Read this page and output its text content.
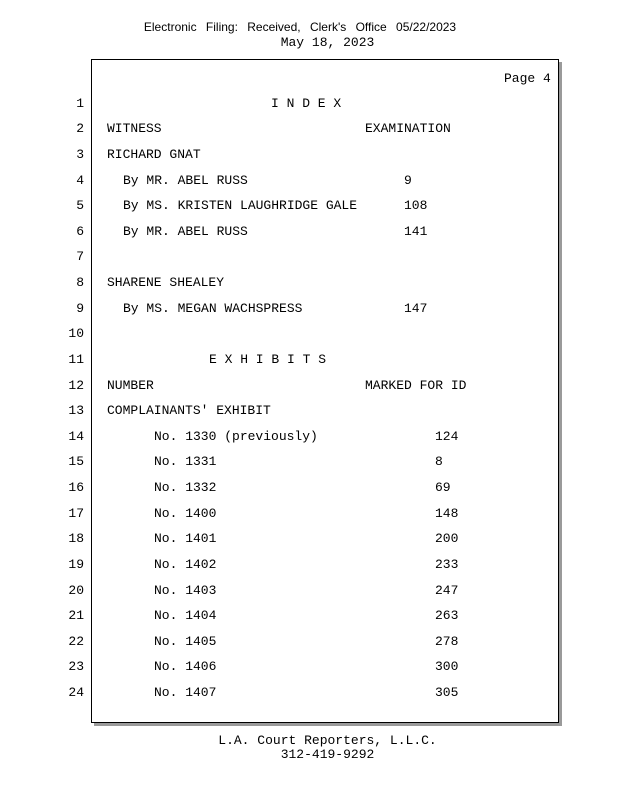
Electronic Filing: Received, Clerk's Office 05/22/2023
May 18, 2023
Page 4
1	I N D E X
2 WITNESS	EXAMINATION
3 RICHARD GNAT
4	By MR. ABEL RUSS	9
5	By MS. KRISTEN LAUGHRIDGE GALE	108
6	By MR. ABEL RUSS	141
7
8 SHARENE SHEALEY
9	By MS. MEGAN WACHSPRESS	147
10
11	E X H I B I T S
12 NUMBER	MARKED FOR ID
13 COMPLAINANTS' EXHIBIT
14	No. 1330 (previously)	124
15	No. 1331	8
16	No. 1332	69
17	No. 1400	148
18	No. 1401	200
19	No. 1402	233
20	No. 1403	247
21	No. 1404	263
22	No. 1405	278
23	No. 1406	300
24	No. 1407	305
L.A. Court Reporters, L.L.C.
312-419-9292
